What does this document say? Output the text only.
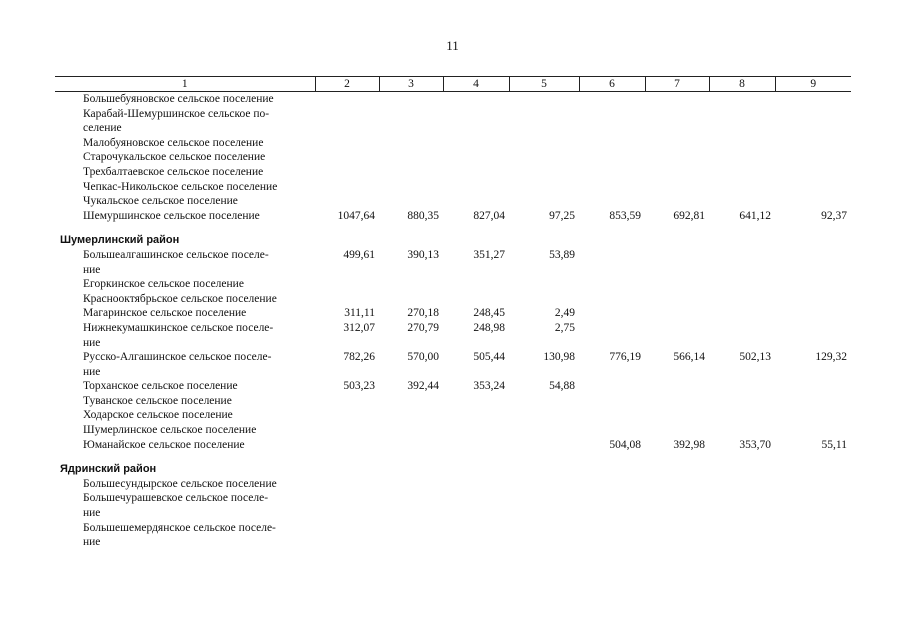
11
1	2	3	4	5	6	7	8	9

Большебуяновское сельское поселение								

Карабай-Шемуршинское сельское по-
селение								

Малобуяновское сельское поселение								

Старочукальское сельское поселение								

Трехбалтаевское сельское поселение								

Чепкас-Никольское сельское поселение								

Чукальское сельское поселение								

Шемуршинское сельское поселение	1047,64	880,35	827,04	97,25	853,59	692,81	641,12	92,37
Шумерлинский район								

Большеалгашинское сельское поселе-
ние	499,61	390,13	351,27	53,89				

Егоркинское сельское поселение								

Краснооктябрьское сельское поселение								

Магаринское сельское поселение	311,11	270,18	248,45	2,49				

Нижнекумашкинское сельское поселе-
ние	312,07	270,79	248,98	2,75				

Русско-Алгашинское сельское поселе-
ние	782,26	570,00	505,44	130,98	776,19	566,14	502,13	129,32

Торханское сельское поселение	503,23	392,44	353,24	54,88				

Туванское сельское поселение								

Ходарское сельское поселение								

Шумерлинское сельское поселение								

Юманайское сельское поселение					504,08	392,98	353,70	55,11
Ядринский район								

Большесундырское сельское поселение								

Большечурашевское сельское поселе-
ние								

Большешемердянское сельское поселе-
ние								
